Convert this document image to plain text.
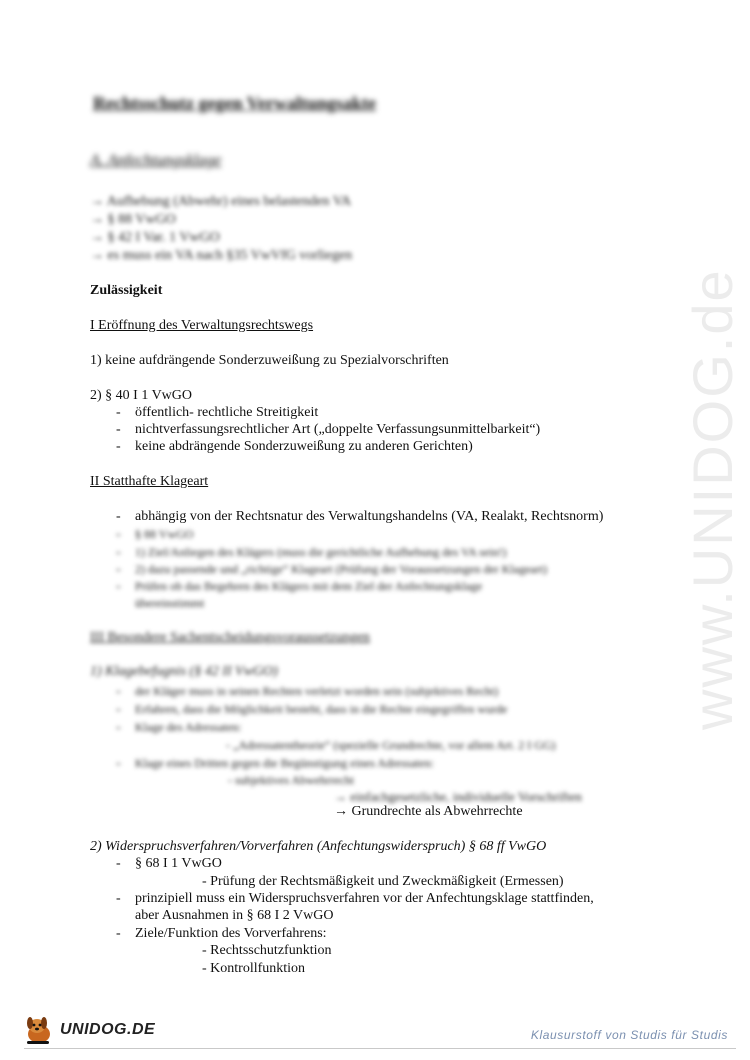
www.UNIDOG.de
Rechtsschutz gegen Verwaltungsakte
A. Anfechtungsklage
→ Aufhebung (Abwehr) eines belastenden VA
→ § 88 VwGO
→ § 42 I Var. 1 VwGO
→ es muss ein VA nach §35 VwVfG vorliegen
Zulässigkeit
I Eröffnung des Verwaltungsrechtswegs
1) keine aufdrängende Sonderzuweißung zu Spezialvorschriften
2) § 40 I 1 VwGO
- öffentlich- rechtliche Streitigkeit
- nichtverfassungsrechtlicher Art („doppelte Verfassungsunmittelbarkeit“)
- keine abdrängende Sonderzuweißung zu anderen Gerichten)
II Statthafte Klageart
- abhängig von der Rechtsnatur des Verwaltungshandelns (VA, Realakt, Rechtsnorm)
- § 88 VwGO
- 1) Ziel/Anliegen des Klägers (muss die gerichtliche Aufhebung des VA sein!)
- 2) dazu passende und „richtige“ Klageart (Prüfung der Voraussetzungen der Klageart)
- Prüfen ob das Begehren des Klägers mit dem Ziel der Anfechtungsklage
übereinstimmt
III Besondere Sachentscheidungsvoraussetzungen
1) Klagebefugnis (§ 42 II VwGO)
- der Kläger muss in seinen Rechten verletzt worden sein (subjektives Recht)
- Erfahren, dass die Möglichkeit besteht, dass in die Rechte eingegriffen wurde
- Klage des Adressaten:
- „Adressatentheorie“ (spezielle Grundrechte, vor allem Art. 2 I GG)
- Klage eines Dritten gegen die Begünstigung eines Adressaten:
- subjektives Abwehrrecht
→ einfachgesetzliche, individuelle Vorschriften
→ Grundrechte als Abwehrrechte
2) Widerspruchsverfahren/Vorverfahren (Anfechtungswiderspruch) § 68 ff VwGO
- § 68 I 1 VwGO
- Prüfung der Rechtsmäßigkeit und Zweckmäßigkeit (Ermessen)
- prinzipiell muss ein Widerspruchsverfahren vor der Anfechtungsklage stattfinden,
aber Ausnahmen in § 68 I 2 VwGO
- Ziele/Funktion des Vorverfahrens:
- Rechtsschutzfunktion
- Kontrollfunktion
UNIDOG.DE	Klausurstoff von Studis für Studis
